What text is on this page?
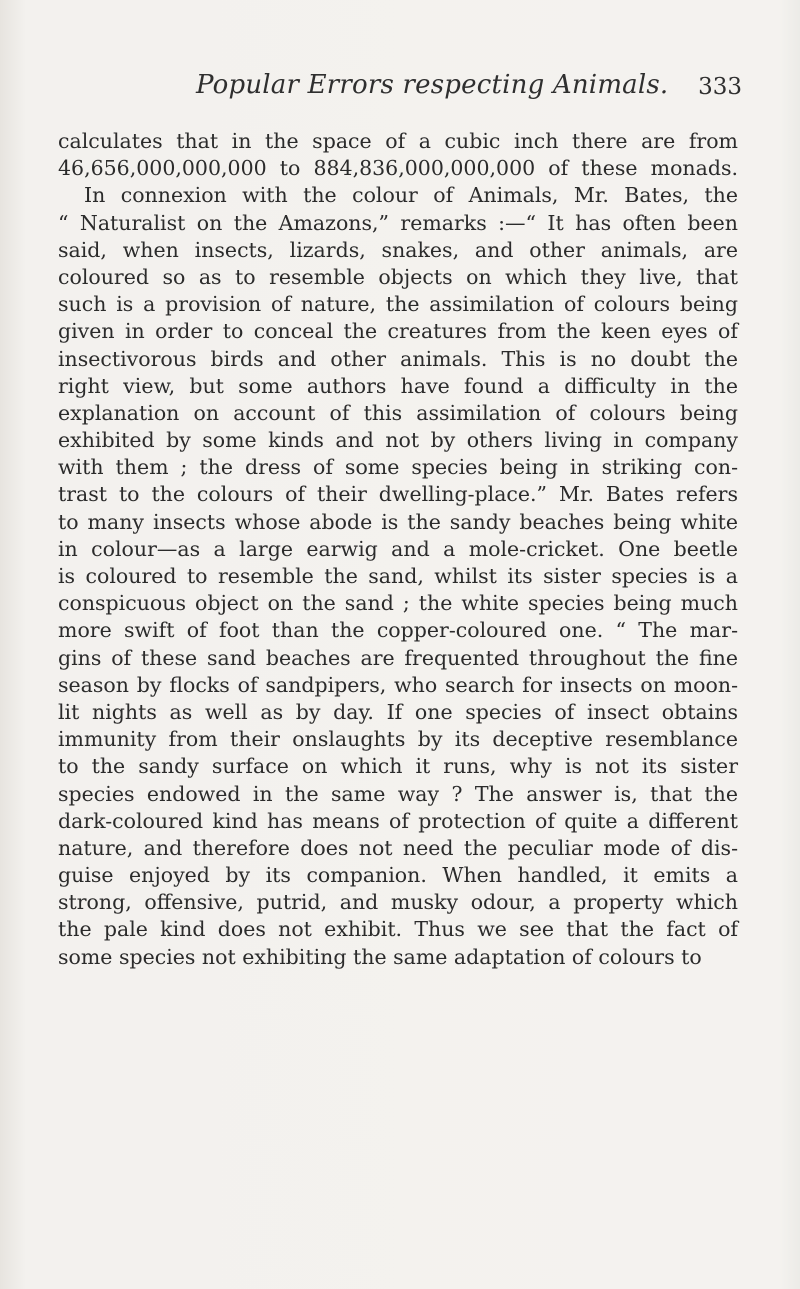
Popular Errors respecting Animals. 333
calculates that in the space of a cubic inch there are from
46,656,000,000,000 to 884,836,000,000,000 of these monads.
In connexion with the colour of Animals, Mr. Bates, the
“ Naturalist on the Amazons,” remarks :—“ It has often been
said, when insects, lizards, snakes, and other animals, are
coloured so as to resemble objects on which they live, that
such is a provision of nature, the assimilation of colours being
given in order to conceal the creatures from the keen eyes of
insectivorous birds and other animals. This is no doubt the
right view, but some authors have found a difficulty in the
explanation on account of this assimilation of colours being
exhibited by some kinds and not by others living in company
with them ; the dress of some species being in striking con-
trast to the colours of their dwelling-place.” Mr. Bates refers
to many insects whose abode is the sandy beaches being white
in colour—as a large earwig and a mole-cricket. One beetle
is coloured to resemble the sand, whilst its sister species is a
conspicuous object on the sand ; the white species being much
more swift of foot than the copper-coloured one. “ The mar-
gins of these sand beaches are frequented throughout the fine
season by flocks of sandpipers, who search for insects on moon-
lit nights as well as by day. If one species of insect obtains
immunity from their onslaughts by its deceptive resemblance
to the sandy surface on which it runs, why is not its sister
species endowed in the same way ? The answer is, that the
dark-coloured kind has means of protection of quite a different
nature, and therefore does not need the peculiar mode of dis-
guise enjoyed by its companion. When handled, it emits a
strong, offensive, putrid, and musky odour, a property which
the pale kind does not exhibit. Thus we see that the fact of
some species not exhibiting the same adaptation of colours to
